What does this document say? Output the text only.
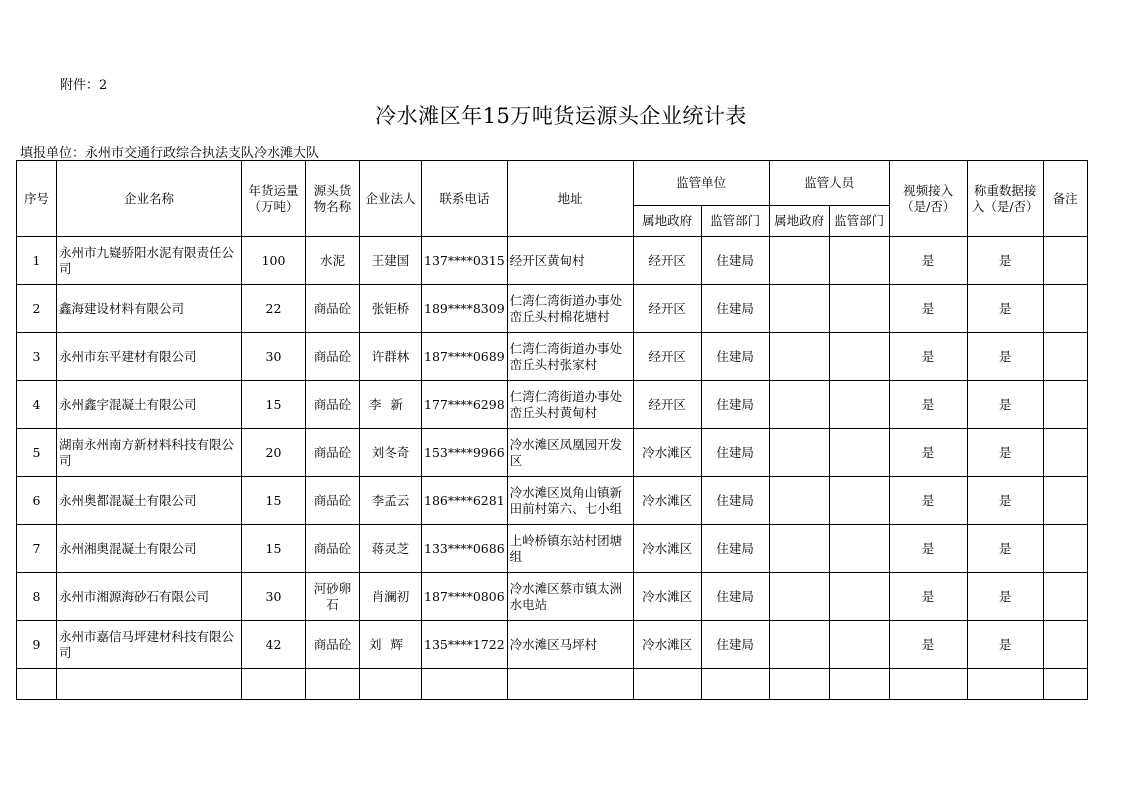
附件：2
冷水滩区年15万吨货运源头企业统计表
填报单位：永州市交通行政综合执法支队冷水滩大队
序号	企业名称	年货运量（万吨）	源头货物名称	企业法人	联系电话	地址	监管单位		监管人员		视频接入（是/否）	称重数据接入（是/否）	备注
							属地政府	监管部门	属地政府	监管部门			
1	永州市九嶷骄阳水泥有限责任公司	100	水泥	王建国	137****0315	经开区黄甸村	经开区	住建局			是	是	
2	鑫海建设材料有限公司	22	商品砼	张钜桥	189****8309	仁湾仁湾街道办事处峦丘头村棉花塘村	经开区	住建局			是	是	
3	永州市东平建材有限公司	30	商品砼	许群林	187****0689	仁湾仁湾街道办事处峦丘头村张家村	经开区	住建局			是	是	
4	永州鑫宇混凝土有限公司	15	商品砼	李新	177****6298	仁湾仁湾街道办事处峦丘头村黄甸村	经开区	住建局			是	是	
5	湖南永州南方新材料科技有限公司	20	商品砼	刘冬奇	153****9966	冷水滩区凤凰园开发区	冷水滩区	住建局			是	是	
6	永州奥都混凝土有限公司	15	商品砼	李孟云	186****6281	冷水滩区岚角山镇新田前村第六、七小组	冷水滩区	住建局			是	是	
7	永州湘奥混凝土有限公司	15	商品砼	蒋灵芝	133****0686	上岭桥镇东站村团塘组	冷水滩区	住建局			是	是	
8	永州市湘源海砂石有限公司	30	河砂卵石	肖澜初	187****0806	冷水滩区蔡市镇太洲水电站	冷水滩区	住建局			是	是	
9	永州市嘉信马坪建材科技有限公司	42	商品砼	刘辉	135****1722	冷水滩区马坪村	冷水滩区	住建局			是	是	
